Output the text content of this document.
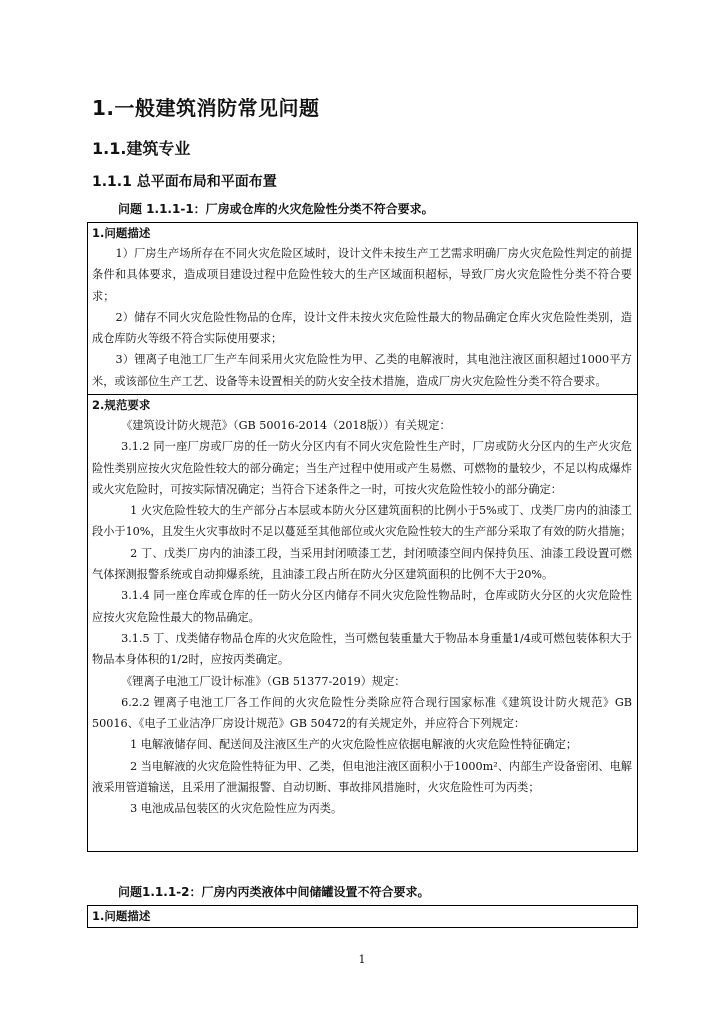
1.一般建筑消防常见问题
1.1.建筑专业
1.1.1 总平面布局和平面布置
问题 1.1.1-1：厂房或仓库的火灾危险性分类不符合要求。
1.问题描述

1）厂房生产场所存在不同火灾危险区域时，设计文件未按生产工艺需求明确厂房火灾危险性判定的前提条件和具体要求，造成项目建设过程中危险性较大的生产区域面积超标，导致厂房火灾危险性分类不符合要求；

2）储存不同火灾危险性物品的仓库，设计文件未按火灾危险性最大的物品确定仓库火灾危险性类别，造成仓库防火等级不符合实际使用要求；

3）锂离子电池工厂生产车间采用火灾危险性为甲、乙类的电解液时，其电池注液区面积超过1000平方米，或该部位生产工艺、设备等未设置相关的防火安全技术措施，造成厂房火灾危险性分类不符合要求。

2.规范要求

《建筑设计防火规范》（GB 50016-2014（2018版））有关规定：

3.1.2 同一座厂房或厂房的任一防火分区内有不同火灾危险性生产时，厂房或防火分区内的生产火灾危险性类别应按火灾危险性较大的部分确定；当生产过程中使用或产生易燃、可燃物的量较少，不足以构成爆炸或火灾危险时，可按实际情况确定；当符合下述条件之一时，可按火灾危险性较小的部分确定：

1 火灾危险性较大的生产部分占本层或本防火分区建筑面积的比例小于5%或丁、戊类厂房内的油漆工段小于10%，且发生火灾事故时不足以蔓延至其他部位或火灾危险性较大的生产部分采取了有效的防火措施；

2 丁、戊类厂房内的油漆工段，当采用封闭喷漆工艺，封闭喷漆空间内保持负压、油漆工段设置可燃气体探测报警系统或自动抑爆系统，且油漆工段占所在防火分区建筑面积的比例不大于20%。

3.1.4 同一座仓库或仓库的任一防火分区内储存不同火灾危险性物品时，仓库或防火分区的火灾危险性应按火灾危险性最大的物品确定。

3.1.5 丁、戊类储存物品仓库的火灾危险性，当可燃包装重量大于物品本身重量1/4或可燃包装体积大于物品本身体积的1/2时，应按丙类确定。

《锂离子电池工厂设计标准》（GB 51377-2019）规定：

6.2.2 锂离子电池工厂各工作间的火灾危险性分类除应符合现行国家标准《建筑设计防火规范》GB 50016、《电子工业洁净厂房设计规范》GB 50472的有关规定外，并应符合下列规定：

1 电解液储存间、配送间及注液区生产的火灾危险性应依据电解液的火灾危险性特征确定；

2 当电解液的火灾危险性特征为甲、乙类，但电池注液区面积小于1000m²、内部生产设备密闭、电解液采用管道输送，且采用了泄漏报警、自动切断、事故排风措施时，火灾危险性可为丙类；

3 电池成品包装区的火灾危险性应为丙类。

问题1.1.1-2：厂房内丙类液体中间储罐设置不符合要求。
1.问题描述
1
